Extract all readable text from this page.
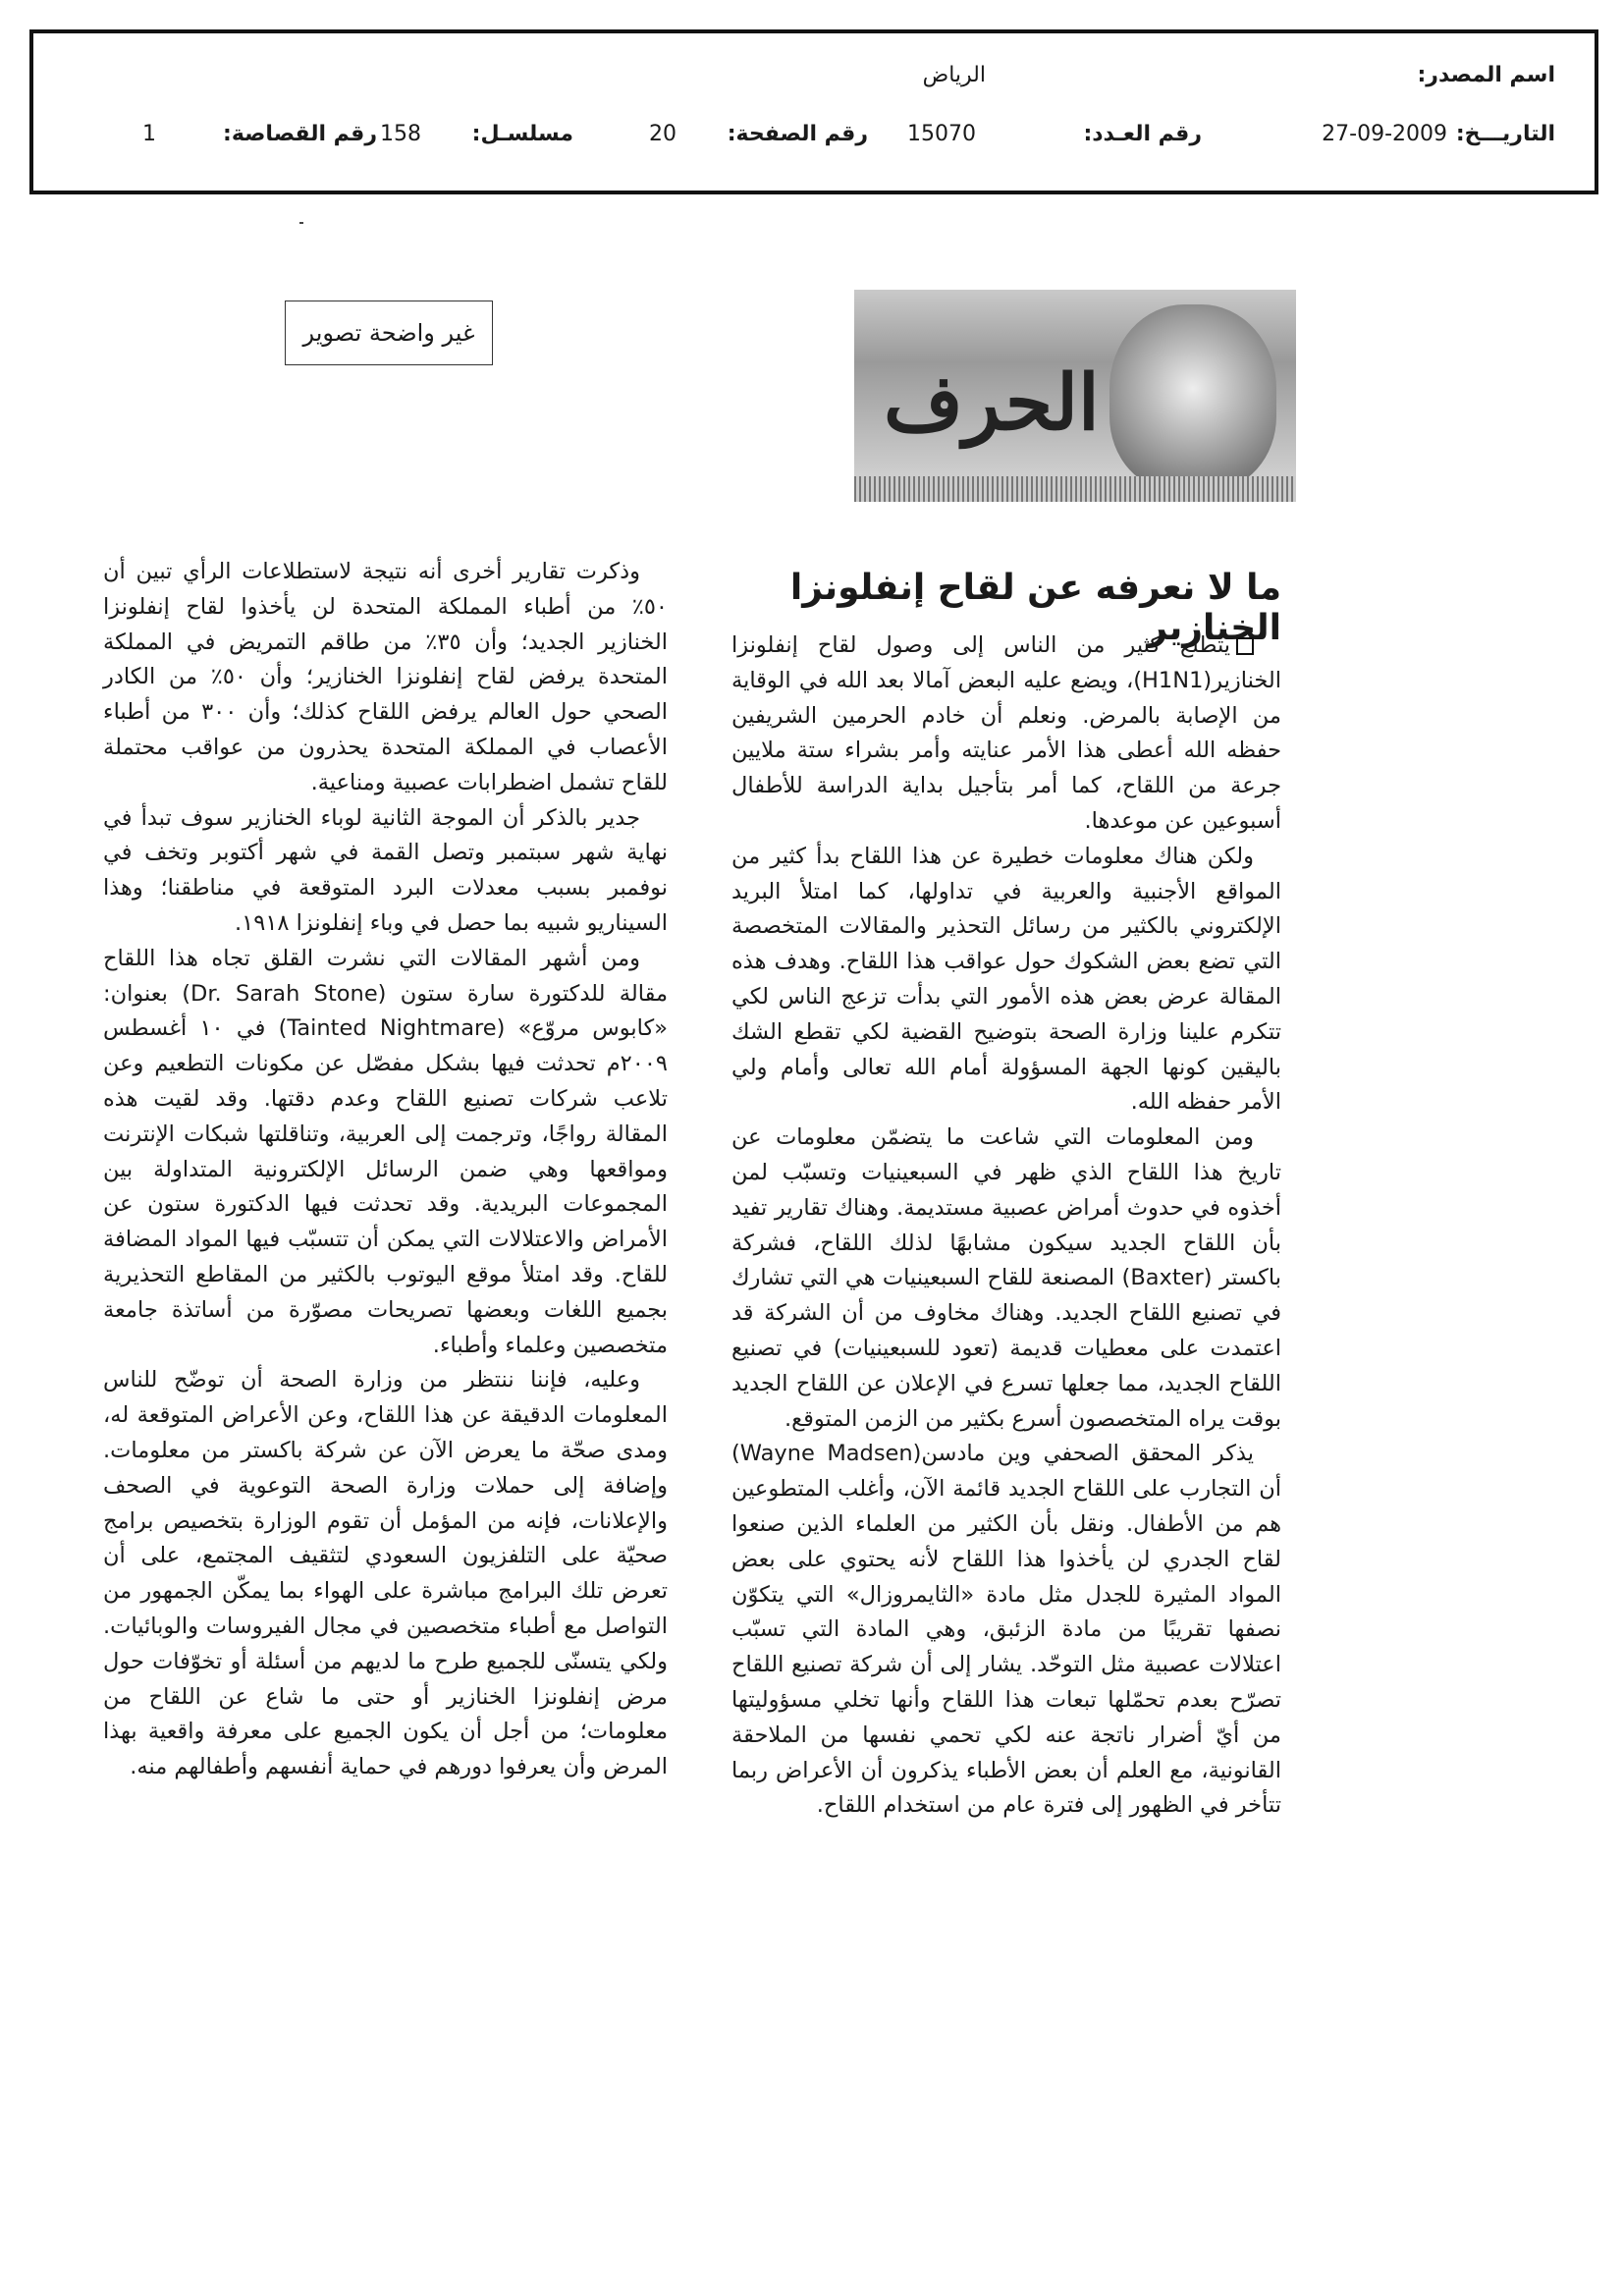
اسم المصدر:
الرياض
التاريـــخ:
27-09-2009
رقم العـدد:
15070
رقم الصفحة:
20
مسلسـل:
158
رقم القصاصة:
1
غير واضحة تصوير
الحرف
ما لا نعرفه عن لقاح إنفلونزا الخنازير

يتطلع كثير من الناس إلى وصول لقاح إنفلونزا الخنازير(H1N1)، ويضع عليه البعض آمالا بعد الله في الوقاية من الإصابة بالمرض. ونعلم أن خادم الحرمين الشريفين حفظه الله أعطى هذا الأمر عنايته وأمر بشراء ستة ملايين جرعة من اللقاح، كما أمر بتأجيل بداية الدراسة للأطفال أسبوعين عن موعدها.

ولكن هناك معلومات خطيرة عن هذا اللقاح بدأ كثير من المواقع الأجنبية والعربية في تداولها، كما امتلأ البريد الإلكتروني بالكثير من رسائل التحذير والمقالات المتخصصة التي تضع بعض الشكوك حول عواقب هذا اللقاح. وهدف هذه المقالة عرض بعض هذه الأمور التي بدأت تزعج الناس لكي تتكرم علينا وزارة الصحة بتوضيح القضية لكي تقطع الشك باليقين كونها الجهة المسؤولة أمام الله تعالى وأمام ولي الأمر حفظه الله.

ومن المعلومات التي شاعت ما يتضمّن معلومات عن تاريخ هذا اللقاح الذي ظهر في السبعينيات وتسبّب لمن أخذوه في حدوث أمراض عصبية مستديمة. وهناك تقارير تفيد بأن اللقاح الجديد سيكون مشابهًا لذلك اللقاح، فشركة باكستر (Baxter) المصنعة للقاح السبعينيات هي التي تشارك في تصنيع اللقاح الجديد. وهناك مخاوف من أن الشركة قد اعتمدت على معطيات قديمة (تعود للسبعينيات) في تصنيع اللقاح الجديد، مما جعلها تسرع في الإعلان عن اللقاح الجديد بوقت يراه المتخصصون أسرع بكثير من الزمن المتوقع.

يذكر المحقق الصحفي وين مادسن(Wayne Madsen) أن التجارب على اللقاح الجديد قائمة الآن، وأغلب المتطوعين هم من الأطفال. ونقل بأن الكثير من العلماء الذين صنعوا لقاح الجدري لن يأخذوا هذا اللقاح لأنه يحتوي على بعض المواد المثيرة للجدل مثل مادة «الثايمروزال» التي يتكوّن نصفها تقريبًا من مادة الزئبق، وهي المادة التي تسبّب اعتلالات عصبية مثل التوحّد. يشار إلى أن شركة تصنيع اللقاح تصرّح بعدم تحمّلها تبعات هذا اللقاح وأنها تخلي مسؤوليتها من أيّ أضرار ناتجة عنه لكي تحمي نفسها من الملاحقة القانونية، مع العلم أن بعض الأطباء يذكرون أن الأعراض ربما تتأخر في الظهور إلى فترة عام من استخدام اللقاح.

وذكرت تقارير أخرى أنه نتيجة لاستطلاعات الرأي تبين أن ٥٠٪ من أطباء المملكة المتحدة لن يأخذوا لقاح إنفلونزا الخنازير الجديد؛ وأن ٣٥٪ من طاقم التمريض في المملكة المتحدة يرفض لقاح إنفلونزا الخنازير؛ وأن ٥٠٪ من الكادر الصحي حول العالم يرفض اللقاح كذلك؛ وأن ٣٠٠ من أطباء الأعصاب في المملكة المتحدة يحذرون من عواقب محتملة للقاح تشمل اضطرابات عصبية ومناعية.

جدير بالذكر أن الموجة الثانية لوباء الخنازير سوف تبدأ في نهاية شهر سبتمبر وتصل القمة في شهر أكتوبر وتخف في نوفمبر بسبب معدلات البرد المتوقعة في مناطقنا؛ وهذا السيناريو شبيه بما حصل في وباء إنفلونزا ١٩١٨.

ومن أشهر المقالات التي نشرت القلق تجاه هذا اللقاح مقالة للدكتورة سارة ستون (Dr. Sarah Stone) بعنوان: «كابوس مروّع» (Tainted Nightmare) في ١٠ أغسطس ٢٠٠٩م تحدثت فيها بشكل مفصّل عن مكونات التطعيم وعن تلاعب شركات تصنيع اللقاح وعدم دقتها. وقد لقيت هذه المقالة رواجًا، وترجمت إلى العربية، وتناقلتها شبكات الإنترنت ومواقعها وهي ضمن الرسائل الإلكترونية المتداولة بين المجموعات البريدية. وقد تحدثت فيها الدكتورة ستون عن الأمراض والاعتلالات التي يمكن أن تتسبّب فيها المواد المضافة للقاح. وقد امتلأ موقع اليوتوب بالكثير من المقاطع التحذيرية بجميع اللغات وبعضها تصريحات مصوّرة من أساتذة جامعة متخصصين وعلماء وأطباء.

وعليه، فإننا ننتظر من وزارة الصحة أن توضّح للناس المعلومات الدقيقة عن هذا اللقاح، وعن الأعراض المتوقعة له، ومدى صحّة ما يعرض الآن عن شركة باكستر من معلومات. وإضافة إلى حملات وزارة الصحة التوعوية في الصحف والإعلانات، فإنه من المؤمل أن تقوم الوزارة بتخصيص برامج صحيّة على التلفزيون السعودي لتثقيف المجتمع، على أن تعرض تلك البرامج مباشرة على الهواء بما يمكّن الجمهور من التواصل مع أطباء متخصصين في مجال الفيروسات والوبائيات. ولكي يتسنّى للجميع طرح ما لديهم من أسئلة أو تخوّفات حول مرض إنفلونزا الخنازير أو حتى ما شاع عن اللقاح من معلومات؛ من أجل أن يكون الجميع على معرفة واقعية بهذا المرض وأن يعرفوا دورهم في حماية أنفسهم وأطفالهم منه.
